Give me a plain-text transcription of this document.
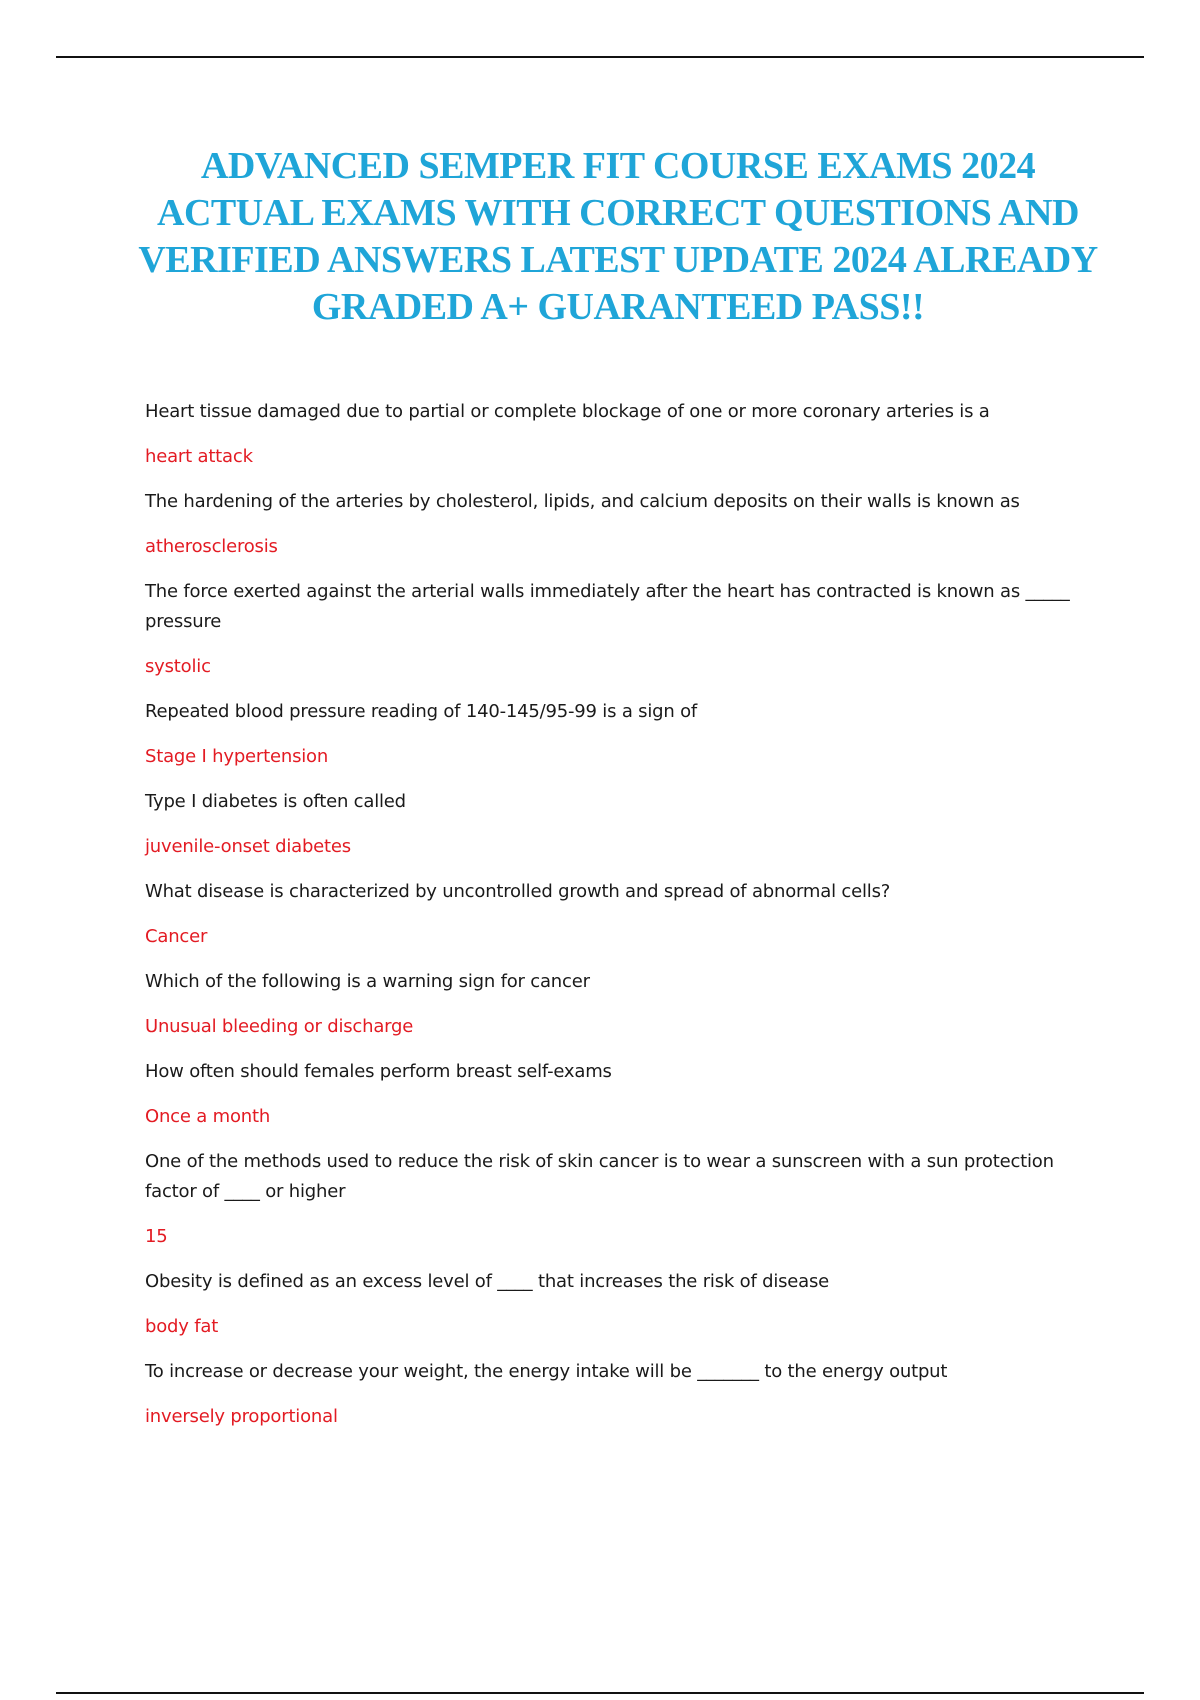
ADVANCED SEMPER FIT COURSE EXAMS 2024 ACTUAL EXAMS WITH CORRECT QUESTIONS AND VERIFIED ANSWERS LATEST UPDATE 2024 ALREADY GRADED A+ GUARANTEED PASS!!

Heart tissue damaged due to partial or complete blockage of one or more coronary arteries is a

heart attack

The hardening of the arteries by cholesterol, lipids, and calcium deposits on their walls is known as

atherosclerosis

The force exerted against the arterial walls immediately after the heart has contracted is known as _____ pressure

systolic

Repeated blood pressure reading of 140-145/95-99 is a sign of

Stage I hypertension

Type I diabetes is often called

juvenile-onset diabetes

What disease is characterized by uncontrolled growth and spread of abnormal cells?

Cancer

Which of the following is a warning sign for cancer

Unusual bleeding or discharge

How often should females perform breast self-exams

Once a month

One of the methods used to reduce the risk of skin cancer is to wear a sunscreen with a sun protection factor of ____ or higher

15

Obesity is defined as an excess level of ____ that increases the risk of disease

body fat

To increase or decrease your weight, the energy intake will be _______ to the energy output

inversely proportional
